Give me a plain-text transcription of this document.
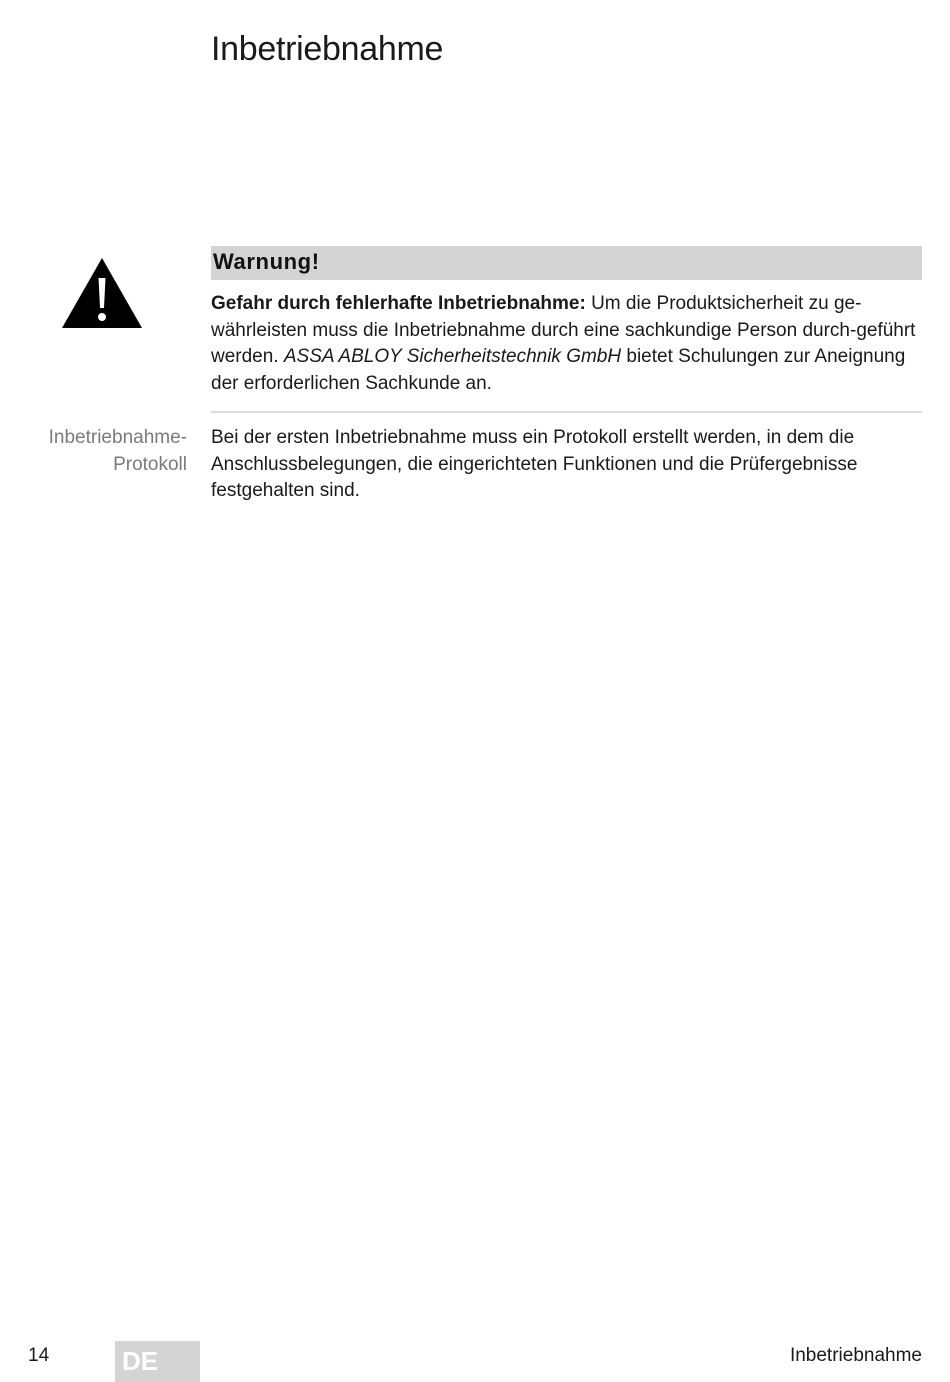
Inbetriebnahme
Warnung!

Gefahr durch fehlerhafte Inbetriebnahme: Um die Produktsicherheit zu ge-währleisten muss die Inbetriebnahme durch eine sachkundige Person durch-geführt werden. ASSA ABLOY Sicherheitstechnik GmbH bietet Schulungen zur Aneignung der erforderlichen Sachkunde an.

Inbetriebnahme-
Protokoll

Bei der ersten Inbetriebnahme muss ein Protokoll erstellt werden, in dem die Anschlussbelegungen, die eingerichteten Funktionen und die Prüfergebnisse festgehalten sind.

14	DE	Inbetriebnahme
